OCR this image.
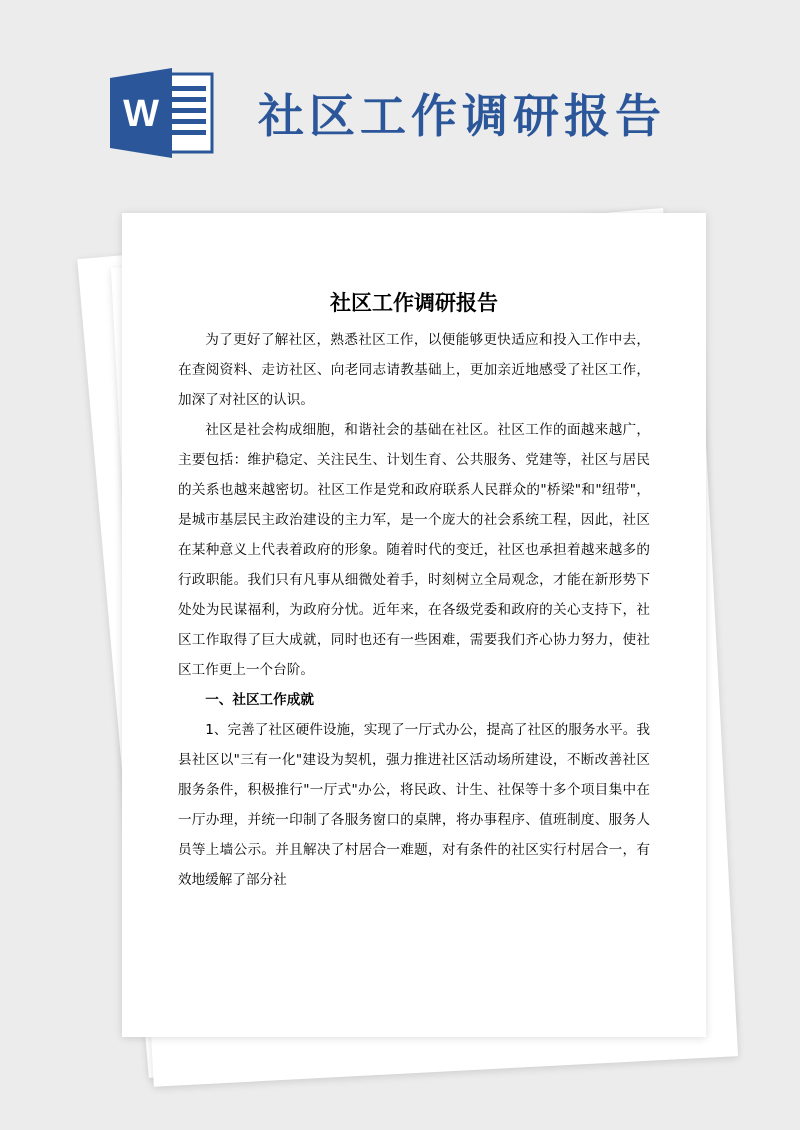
W 社区工作调研报告
社区工作调研报告

为了更好了解社区，熟悉社区工作，以便能够更快适应和投入工作中去，在查阅资料、走访社区、向老同志请教基础上，更加亲近地感受了社区工作，加深了对社区的认识。

社区是社会构成细胞，和谐社会的基础在社区。社区工作的面越来越广，主要包括：维护稳定、关注民生、计划生育、公共服务、党建等，社区与居民的关系也越来越密切。社区工作是党和政府联系人民群众的"桥梁"和"纽带"，是城市基层民主政治建设的主力军，是一个庞大的社会系统工程，因此，社区在某种意义上代表着政府的形象。随着时代的变迁，社区也承担着越来越多的行政职能。我们只有凡事从细微处着手，时刻树立全局观念，才能在新形势下处处为民谋福利，为政府分忧。近年来，在各级党委和政府的关心支持下，社区工作取得了巨大成就，同时也还有一些困难，需要我们齐心协力努力，使社区工作更上一个台阶。

一、社区工作成就

1、完善了社区硬件设施，实现了一厅式办公，提高了社区的服务水平。我县社区以"三有一化"建设为契机，强力推进社区活动场所建设，不断改善社区服务条件，积极推行"一厅式"办公，将民政、计生、社保等十多个项目集中在一厅办理，并统一印制了各服务窗口的桌牌，将办事程序、值班制度、服务人员等上墙公示。并且解决了村居合一难题，对有条件的社区实行村居合一，有效地缓解了部分社
